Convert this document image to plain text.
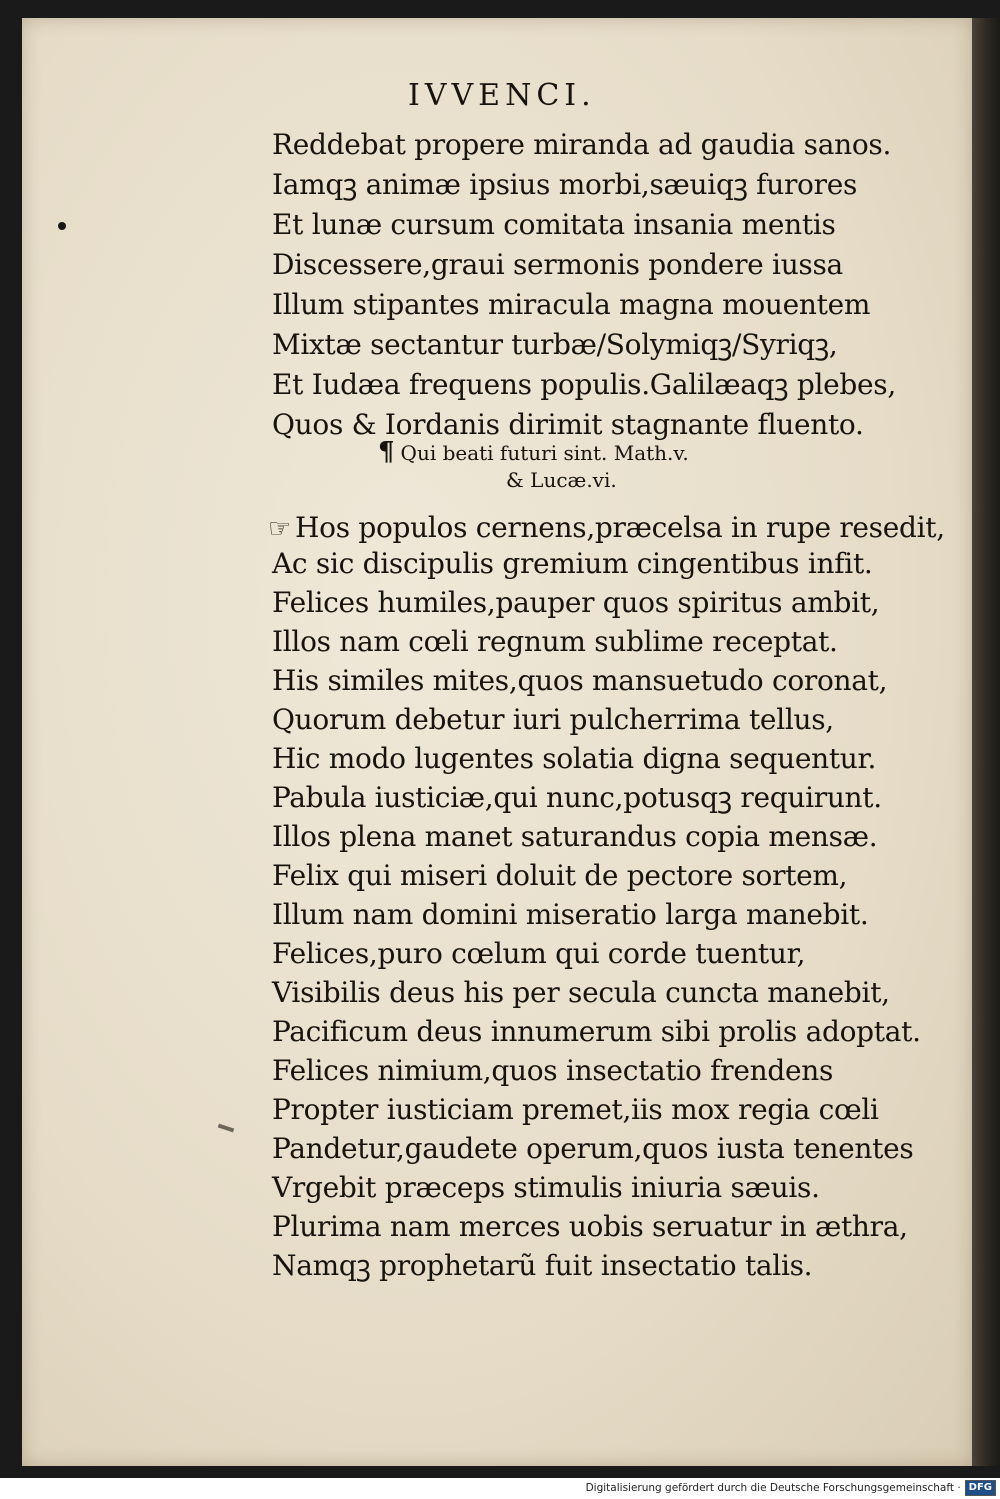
IVVENCI.
Reddebat propere miranda ad gaudia sanos.
Iamqꝫ animæ ipsius morbi,sæuiqꝫ furores
Et lunæ cursum comitata insania mentis
Discessere,graui sermonis pondere iussa
Illum stipantes miracula magna mouentem
Mixtæ sectantur turbæ/Solymiqꝫ/Syriqꝫ,
Et Iudæa frequens populis.Galilæaqꝫ plebes,
Quos & Iordanis dirimit stagnante fluento.
¶ Qui beati futuri sint. Math.v.
& Lucæ.vi.
☞ Hos populos cernens,præcelsa in rupe resedit,
Ac sic discipulis gremium cingentibus infit.
Felices humiles,pauper quos spiritus ambit,
Illos nam cœli regnum sublime receptat.
His similes mites,quos mansuetudo coronat,
Quorum debetur iuri pulcherrima tellus,
Hic modo lugentes solatia digna sequentur.
Pabula iusticiæ,qui nunc,potusqꝫ requirunt.
Illos plena manet saturandus copia mensæ.
Felix qui miseri doluit de pectore sortem,
Illum nam domini miseratio larga manebit.
Felices,puro cœlum qui corde tuentur,
Visibilis deus his per secula cuncta manebit,
Pacificum deus innumerum sibi prolis adoptat.
Felices nimium,quos insectatio frendens
Propter iusticiam premet,iis mox regia cœli
Pandetur,gaudete operum,quos iusta tenentes
Vrgebit præceps stimulis iniuria sæuis.
Plurima nam merces uobis seruatur in æthra,
Namqꝫ prophetarũ fuit insectatio talis.
Digitalisierung gefördert durch die Deutsche Forschungsgemeinschaft · DFG
